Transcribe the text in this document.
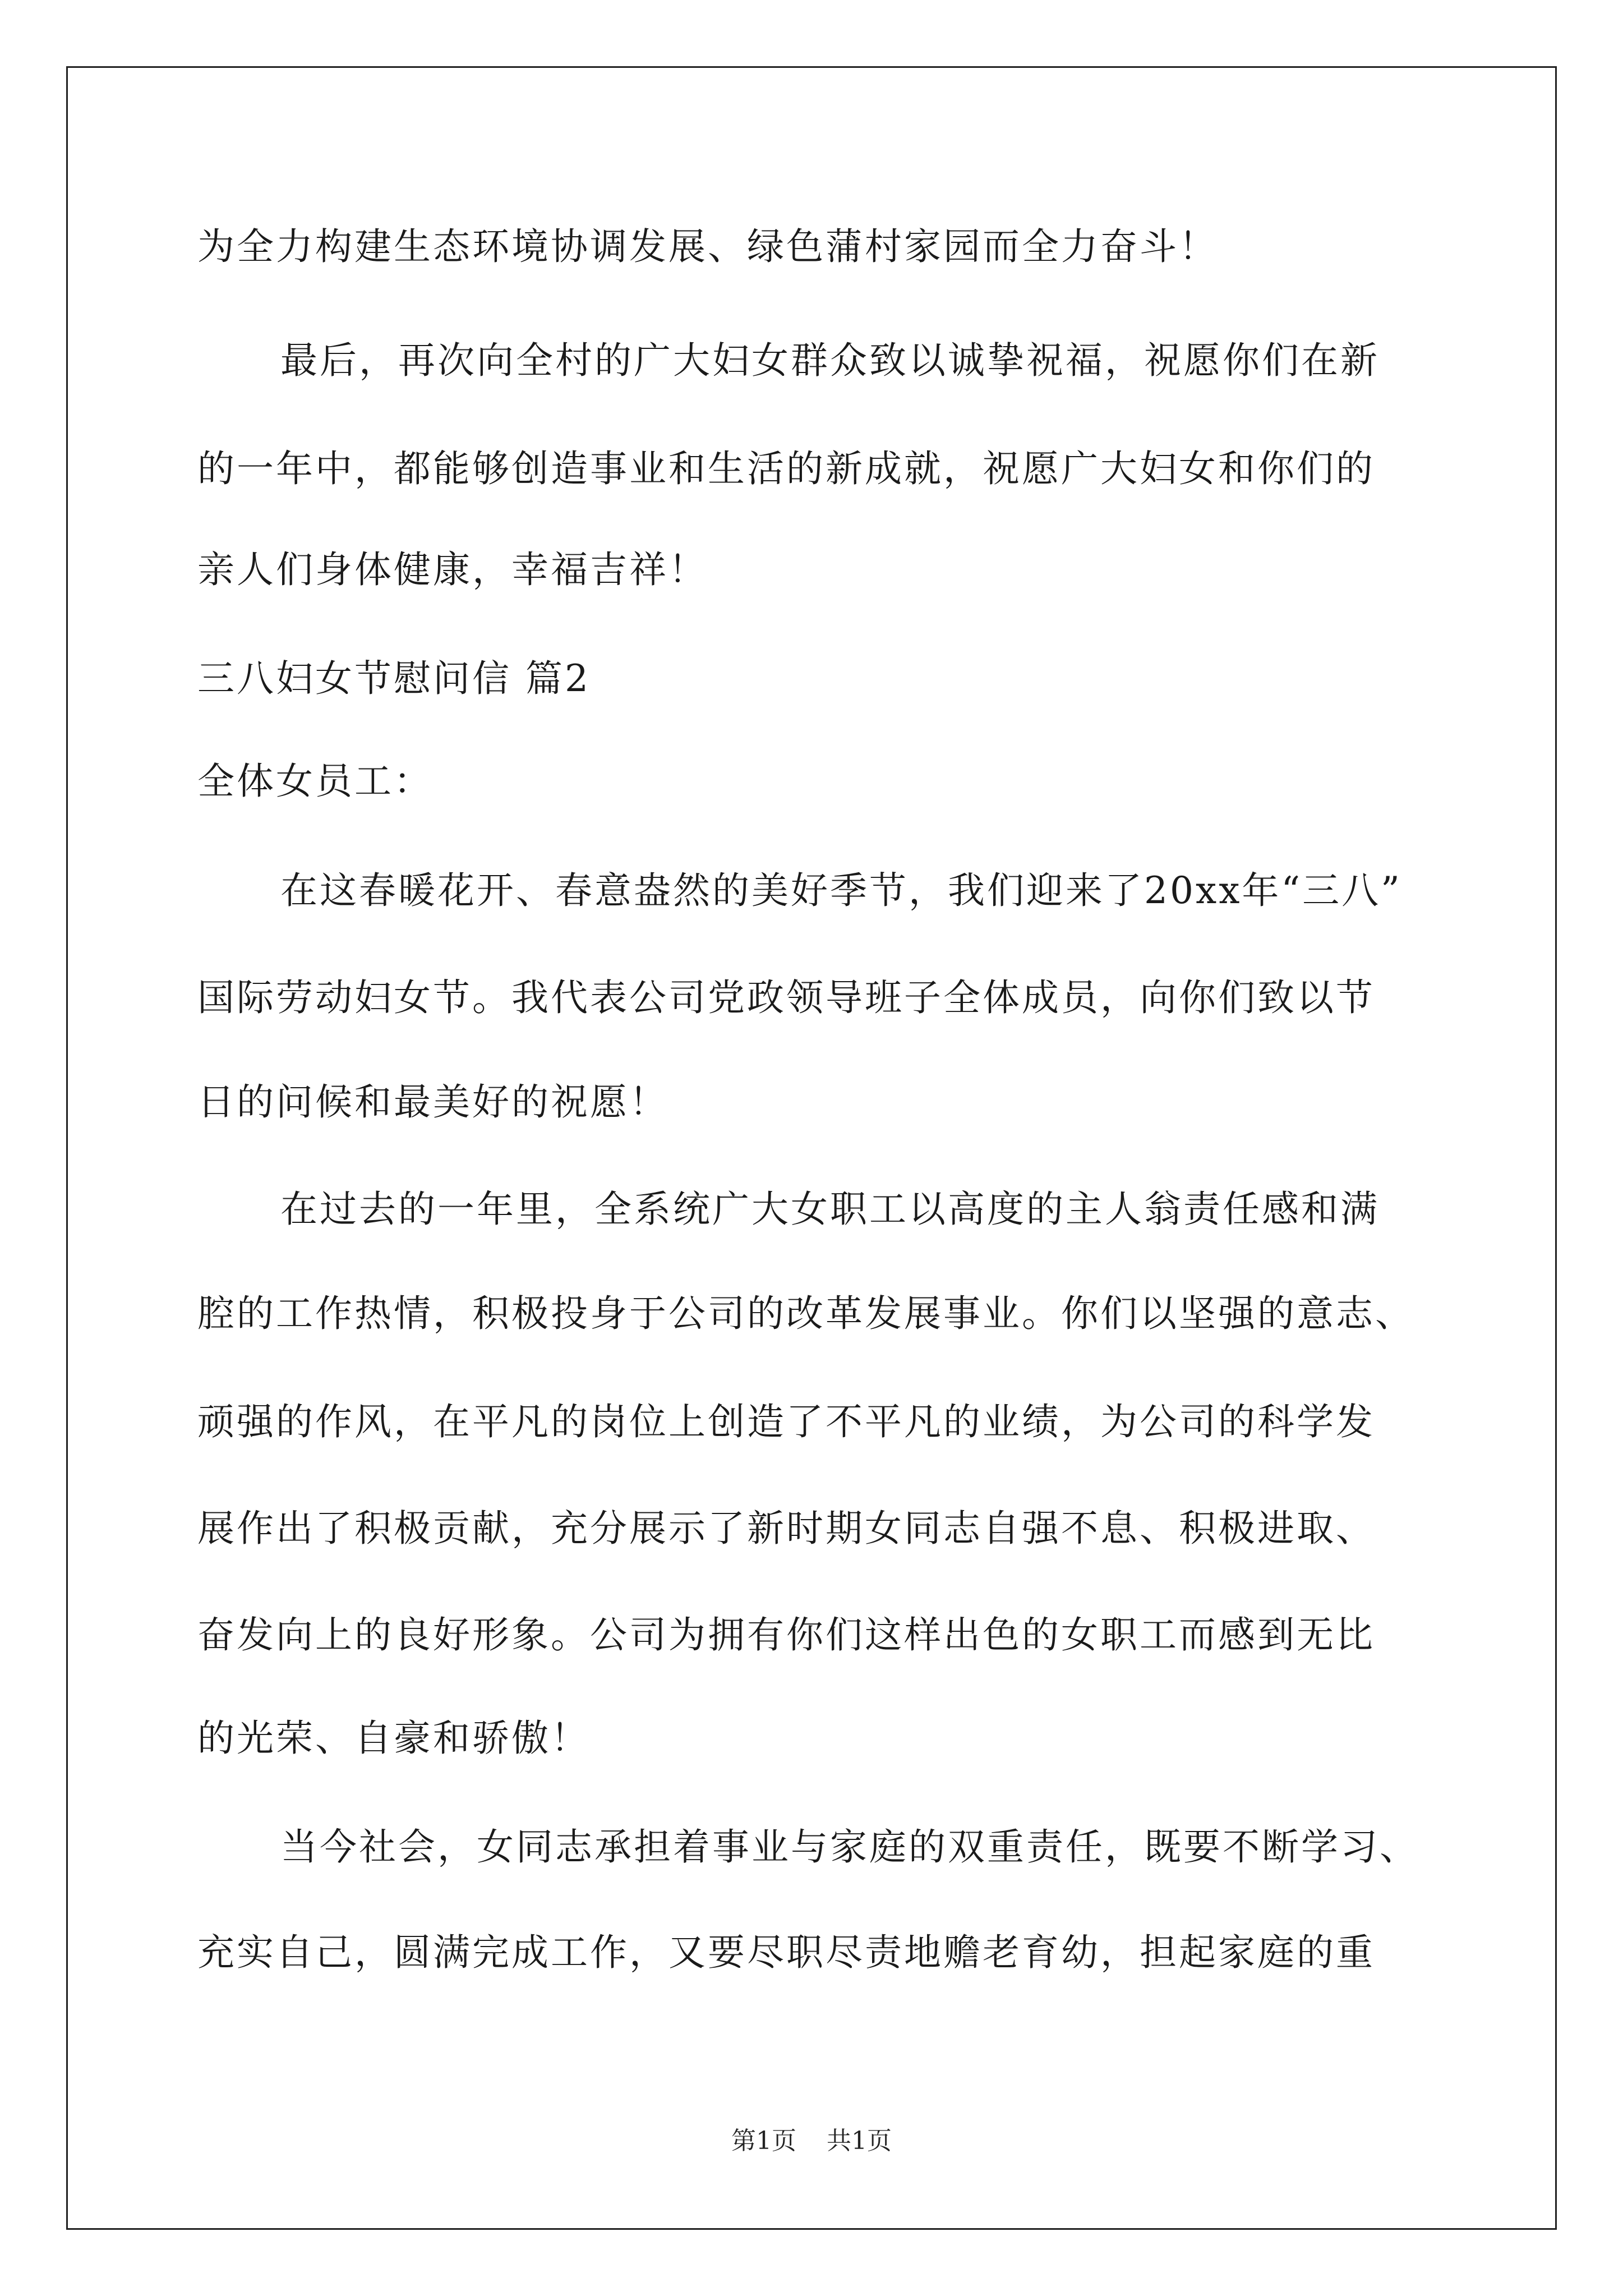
为全力构建生态环境协调发展、绿色蒲村家园而全力奋斗！
最后，再次向全村的广大妇女群众致以诚挚祝福，祝愿你们在新
的一年中，都能够创造事业和生活的新成就，祝愿广大妇女和你们的
亲人们身体健康，幸福吉祥！
三八妇女节慰问信 篇2
全体女员工：
在这春暖花开、春意盎然的美好季节，我们迎来了20xx年“三八”
国际劳动妇女节。我代表公司党政领导班子全体成员，向你们致以节
日的问候和最美好的祝愿！
在过去的一年里，全系统广大女职工以高度的主人翁责任感和满
腔的工作热情，积极投身于公司的改革发展事业。你们以坚强的意志、
顽强的作风，在平凡的岗位上创造了不平凡的业绩，为公司的科学发
展作出了积极贡献，充分展示了新时期女同志自强不息、积极进取、
奋发向上的良好形象。公司为拥有你们这样出色的女职工而感到无比
的光荣、自豪和骄傲！
当今社会，女同志承担着事业与家庭的双重责任，既要不断学习、
充实自己，圆满完成工作，又要尽职尽责地赡老育幼，担起家庭的重
第1页 共1页
